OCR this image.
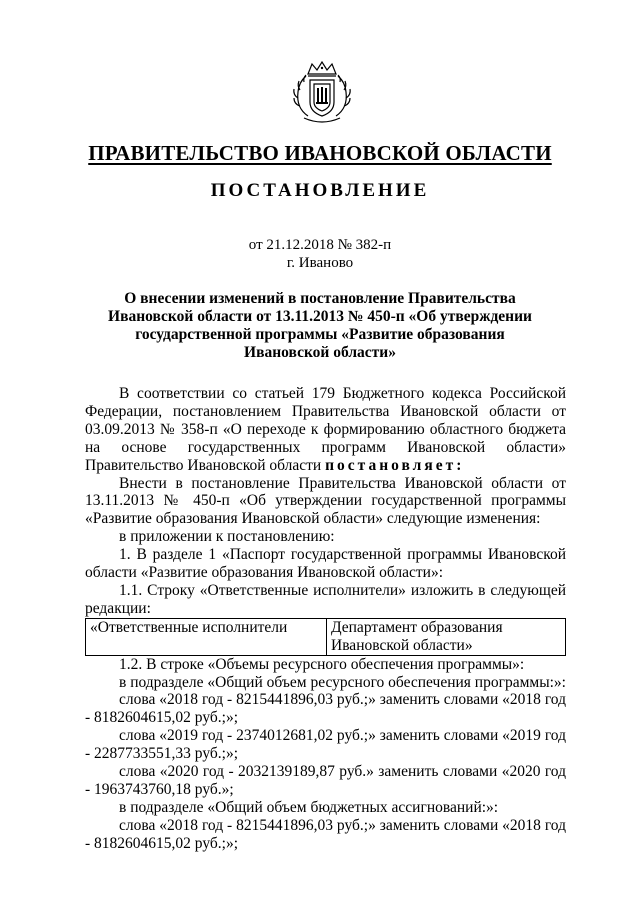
ПРАВИТЕЛЬСТВО ИВАНОВСКОЙ ОБЛАСТИ
ПОСТАНОВЛЕНИЕ
от 21.12.2018 № 382-п
г. Иваново
О внесении изменений в постановление Правительства
Ивановской области от 13.11.2013 № 450-п «Об утверждении
государственной программы «Развитие образования
Ивановской области»

В соответствии со статьей 179 Бюджетного кодекса Российской Федерации, постановлением Правительства Ивановской области от 03.09.2013 № 358-п «О переходе к формированию областного бюджета на основе государственных программ Ивановской области» Правительство Ивановской области постановляет:

Внести в постановление Правительства Ивановской области от 13.11.2013 № 450-п «Об утверждении государственной программы «Развитие образования Ивановской области» следующие изменения:

в приложении к постановлению:

1. В разделе 1 «Паспорт государственной программы Ивановской области «Развитие образования Ивановской области»:

1.1. Строку «Ответственные исполнители» изложить в следующей редакции:

«Ответственные исполнители	Департамент образования Ивановской области»

1.2. В строке «Объемы ресурсного обеспечения программы»:

в подразделе «Общий объем ресурсного обеспечения программы:»:

слова «2018 год - 8215441896,03 руб.;» заменить словами «2018 год - 8182604615,02 руб.;»;

слова «2019 год - 2374012681,02 руб.;» заменить словами «2019 год - 2287733551,33 руб.;»;

слова «2020 год - 2032139189,87 руб.» заменить словами «2020 год - 1963743760,18 руб.»;

в подразделе «Общий объем бюджетных ассигнований:»:

слова «2018 год - 8215441896,03 руб.;» заменить словами «2018 год - 8182604615,02 руб.;»;
